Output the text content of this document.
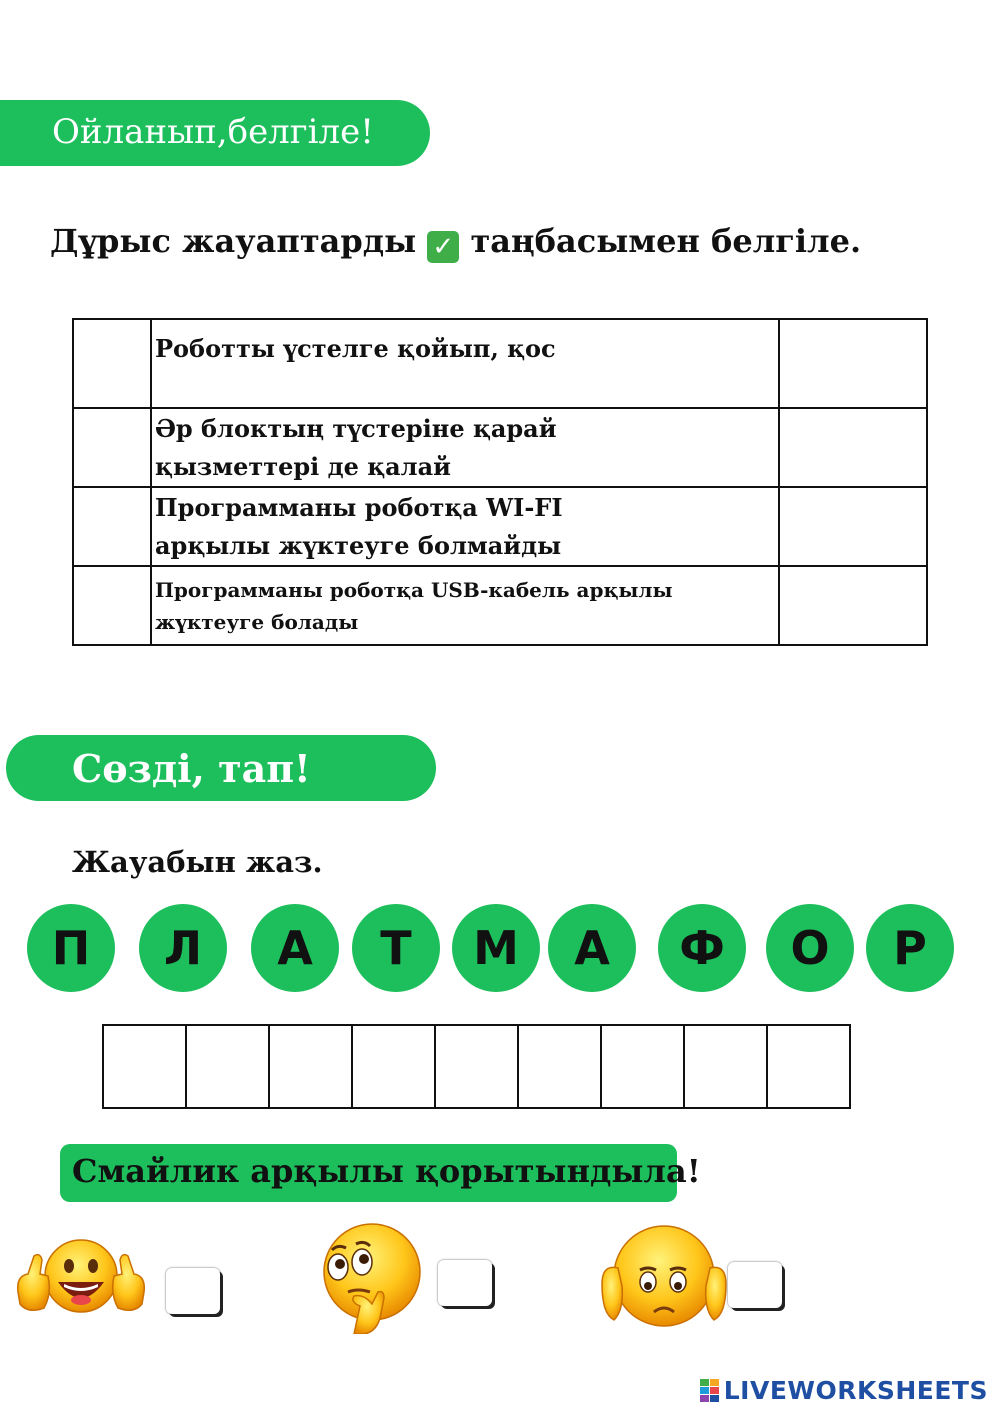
Ойланып,белгіле!
Дұрыс жауаптарды ✓ таңбасымен белгіле.
	Роботты үстелге қойып, қос	
	Әр блоктың түстеріне қарай
қызметтері де қалай	
	Программаны роботқа WI-FI
арқылы жүктеуге болмайды	
	Программаны роботқа USB-кабель арқылы
жүктеуге болады	
Сөзді, тап!
Жауабын жаз.
П	Л	А	Т	М	А	Ф	О	Р
Смайлик арқылы қорытындыла!
LIVEWORKSHEETS
